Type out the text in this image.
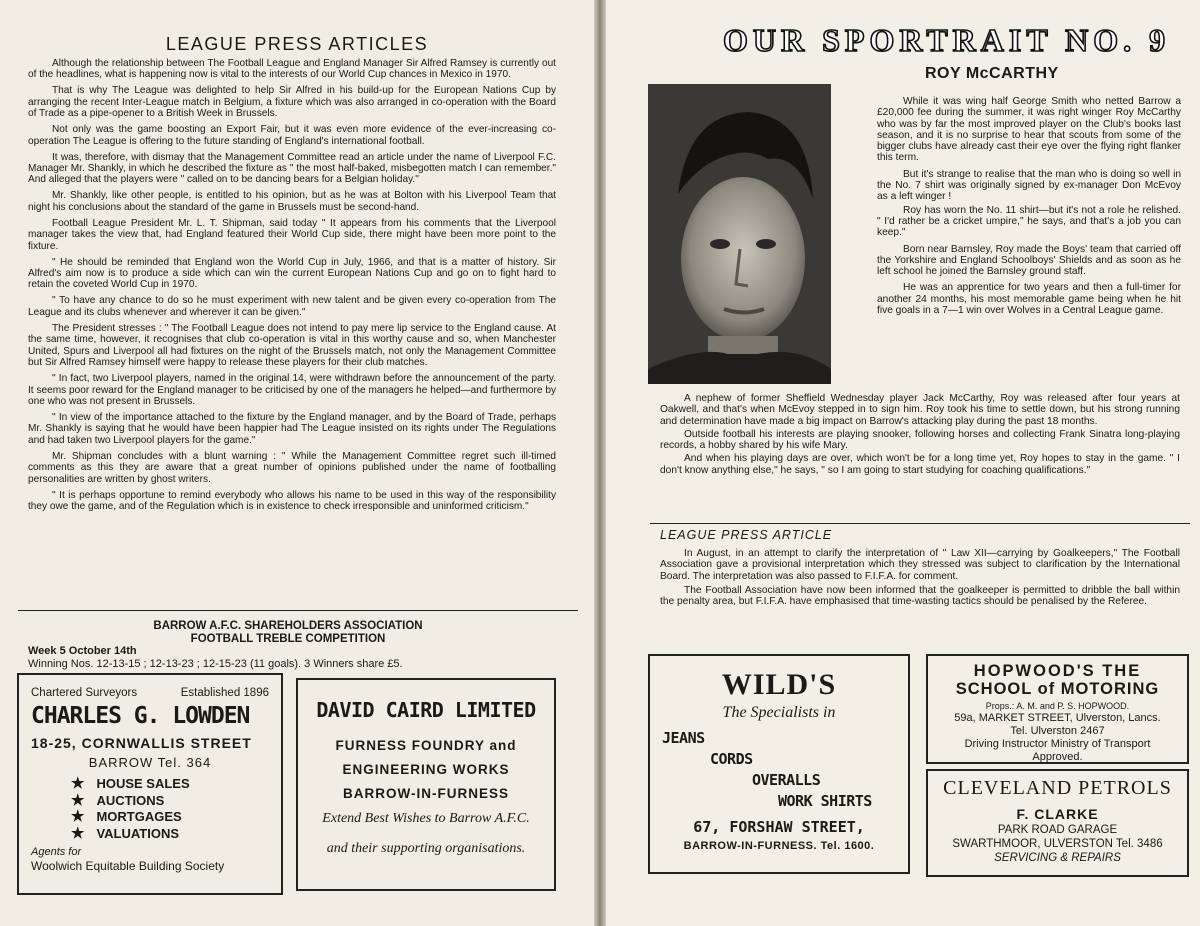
LEAGUE PRESS ARTICLES

Although the relationship between The Football League and England Manager Sir Alfred Ramsey is currently out of the headlines, what is happening now is vital to the interests of our World Cup chances in Mexico in 1970.

That is why The League was delighted to help Sir Alfred in his build-up for the European Nations Cup by arranging the recent Inter-League match in Belgium, a fixture which was also arranged in co-operation with the Board of Trade as a pipe-opener to a British Week in Brussels.

Not only was the game boosting an Export Fair, but it was even more evidence of the ever-increasing co-operation The League is offering to the future standing of England's international football.

It was, therefore, with dismay that the Management Committee read an article under the name of Liverpool F.C. Manager Mr. Shankly, in which he described the fixture as " the most half-baked, misbegotten match I can remember." And alleged that the players were " called on to be dancing bears for a Belgian holiday."

Mr. Shankly, like other people, is entitled to his opinion, but as he was at Bolton with his Liverpool Team that night his conclusions about the standard of the game in Brussels must be second-hand.

Football League President Mr. L. T. Shipman, said today " It appears from his comments that the Liverpool manager takes the view that, had England featured their World Cup side, there might have been more point to the fixture.

" He should be reminded that England won the World Cup in July, 1966, and that is a matter of history. Sir Alfred's aim now is to produce a side which can win the current European Nations Cup and go on to fight hard to retain the coveted World Cup in 1970.

" To have any chance to do so he must experiment with new talent and be given every co-operation from The League and its clubs whenever and wherever it can be given."

The President stresses : " The Football League does not intend to pay mere lip service to the England cause. At the same time, however, it recognises that club co-operation is vital in this worthy cause and so, when Manchester United, Spurs and Liverpool all had fixtures on the night of the Brussels match, not only the Management Committee but Sir Alfred Ramsey himself were happy to release these players for their club matches.

" In fact, two Liverpool players, named in the original 14, were withdrawn before the announcement of the party. It seems poor reward for the England manager to be criticised by one of the managers he helped—and furthermore by one who was not present in Brussels.

" In view of the importance attached to the fixture by the England manager, and by the Board of Trade, perhaps Mr. Shankly is saying that he would have been happier had The League insisted on its rights under The Regulations and had taken two Liverpool players for the game."

Mr. Shipman concludes with a blunt warning : " While the Management Committee regret such ill-timed comments as this they are aware that a great number of opinions published under the name of footballing personalities are written by ghost writers.

" It is perhaps opportune to remind everybody who allows his name to be used in this way of the responsibility they owe the game, and of the Regulation which is in existence to check irresponsible and uninformed criticism."

BARROW A.F.C. SHAREHOLDERS ASSOCIATION
FOOTBALL TREBLE COMPETITION
Week 5 October 14th
Winning Nos. 12-13-15 ; 12-13-23 ; 12-15-23 (11 goals). 3 Winners share £5.
Chartered Surveyors	Established 1896
CHARLES G. LOWDEN
18-25, CORNWALLIS STREET
BARROW Tel. 364
★ HOUSE SALES
★ AUCTIONS
★ MORTGAGES
★ VALUATIONS
Agents for
Woolwich Equitable Building Society
DAVID CAIRD LIMITED
FURNESS FOUNDRY and
ENGINEERING WORKS
BARROW-IN-FURNESS
Extend Best Wishes to Barrow A.F.C.
and their supporting organisations.
OUR SPORTRAIT NO. 9
ROY McCARTHY

While it was wing half George Smith who netted Barrow a £20,000 fee during the summer, it was right winger Roy McCarthy who was by far the most improved player on the Club's books last season, and it is no surprise to hear that scouts from some of the bigger clubs have already cast their eye over the flying right flanker this term.

But it's strange to realise that the man who is doing so well in the No. 7 shirt was originally signed by ex-manager Don McEvoy as a left winger !

Roy has worn the No. 11 shirt—but it's not a role he relished. " I'd rather be a cricket umpire," he says, and that's a job you can keep."

Born near Barnsley, Roy made the Boys' team that carried off the Yorkshire and England Schoolboys' Shields and as soon as he left school he joined the Barnsley ground staff.

He was an apprentice for two years and then a full-timer for another 24 months, his most memorable game being when he hit five goals in a 7—1 win over Wolves in a Central League game.

A nephew of former Sheffield Wednesday player Jack McCarthy, Roy was released after four years at Oakwell, and that's when McEvoy stepped in to sign him. Roy took his time to settle down, but his strong running and determination have made a big impact on Barrow's attacking play during the past 18 months.

Outside football his interests are playing snooker, following horses and collecting Frank Sinatra long-playing records, a hobby shared by his wife Mary.

And when his playing days are over, which won't be for a long time yet, Roy hopes to stay in the game. " I don't know anything else," he says, " so I am going to start studying for coaching qualifications."

LEAGUE PRESS ARTICLE

In August, in an attempt to clarify the interpretation of " Law XII—carrying by Goalkeepers," The Football Association gave a provisional interpretation which they stressed was subject to clarification by the International Board. The interpretation was also passed to F.I.F.A. for comment.

The Football Association have now been informed that the goalkeeper is permitted to dribble the ball within the penalty area, but F.I.F.A. have emphasised that time-wasting tactics should be penalised by the Referee.

WILD'S
The Specialists in
JEANS
CORDS
OVERALLS
WORK SHIRTS
67, FORSHAW STREET,
BARROW-IN-FURNESS. Tel. 1600.
HOPWOOD'S THE
SCHOOL of MOTORING
Props.: A. M. and P. S. HOPWOOD.
59a, MARKET STREET, Ulverston, Lancs.
Tel. Ulverston 2467
Driving Instructor Ministry of Transport
Approved.
CLEVELAND PETROLS
F. CLARKE
PARK ROAD GARAGE
SWARTHMOOR, ULVERSTON Tel. 3486
SERVICING & REPAIRS
